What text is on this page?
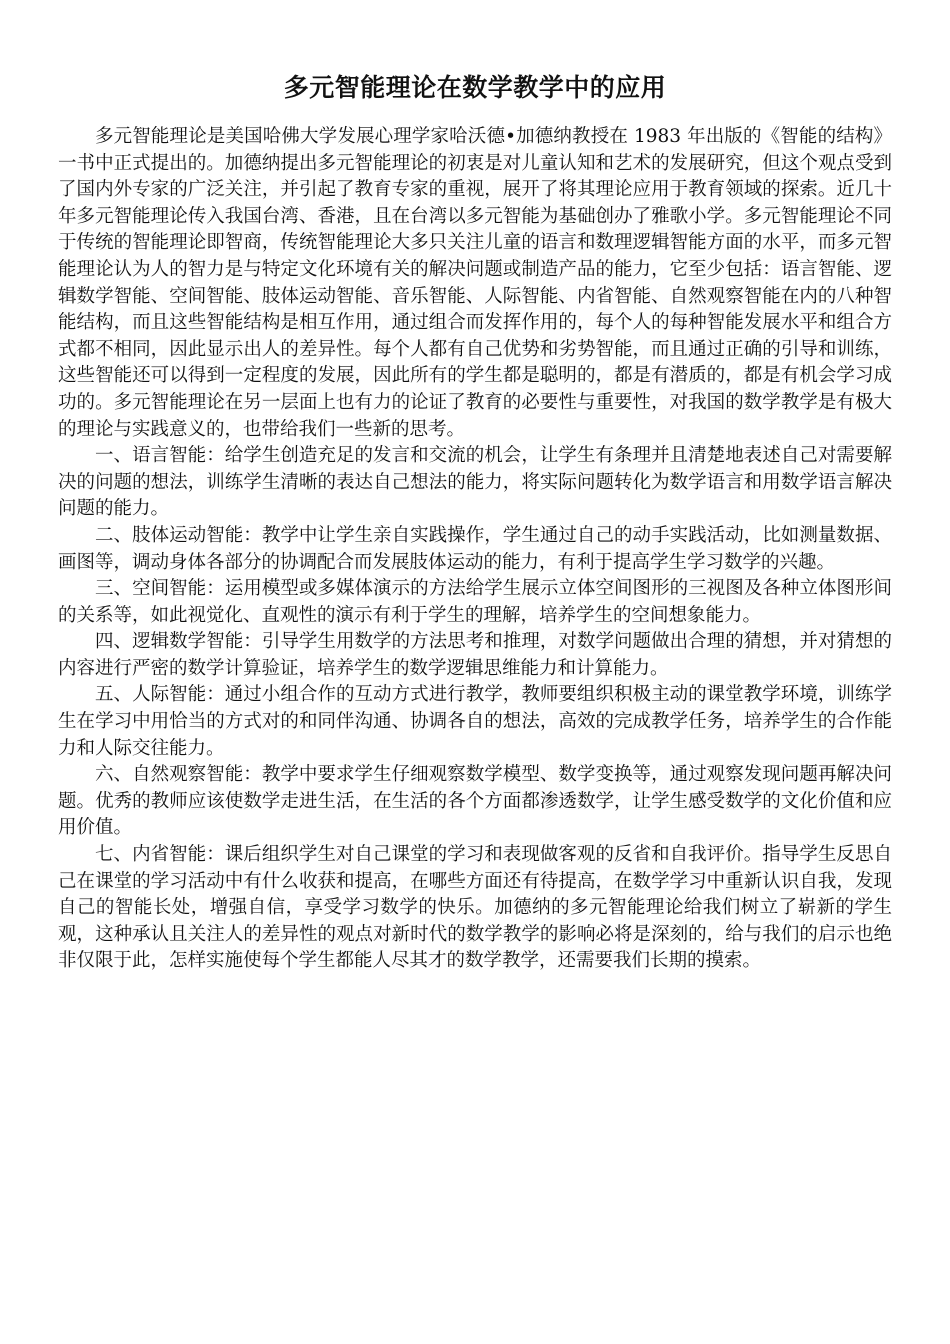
多元智能理论在数学教学中的应用

多元智能理论是美国哈佛大学发展心理学家哈沃德•加德纳教授在 1983 年出版的《智能的结构》一书中正式提出的。加德纳提出多元智能理论的初衷是对儿童认知和艺术的发展研究，但这个观点受到了国内外专家的广泛关注，并引起了教育专家的重视，展开了将其理论应用于教育领域的探索。近几十年多元智能理论传入我国台湾、香港，且在台湾以多元智能为基础创办了雅歌小学。多元智能理论不同于传统的智能理论即智商，传统智能理论大多只关注儿童的语言和数理逻辑智能方面的水平，而多元智能理论认为人的智力是与特定文化环境有关的解决问题或制造产品的能力，它至少包括：语言智能、逻辑数学智能、空间智能、肢体运动智能、音乐智能、人际智能、内省智能、自然观察智能在内的八种智能结构，而且这些智能结构是相互作用，通过组合而发挥作用的，每个人的每种智能发展水平和组合方式都不相同，因此显示出人的差异性。每个人都有自己优势和劣势智能，而且通过正确的引导和训练，这些智能还可以得到一定程度的发展，因此所有的学生都是聪明的，都是有潜质的，都是有机会学习成功的。多元智能理论在另一层面上也有力的论证了教育的必要性与重要性，对我国的数学教学是有极大的理论与实践意义的，也带给我们一些新的思考。

一、语言智能：给学生创造充足的发言和交流的机会，让学生有条理并且清楚地表述自己对需要解决的问题的想法，训练学生清晰的表达自己想法的能力，将实际问题转化为数学语言和用数学语言解决问题的能力。

二、肢体运动智能：教学中让学生亲自实践操作，学生通过自己的动手实践活动，比如测量数据、画图等，调动身体各部分的协调配合而发展肢体运动的能力，有利于提高学生学习数学的兴趣。

三、空间智能：运用模型或多媒体演示的方法给学生展示立体空间图形的三视图及各种立体图形间的关系等，如此视觉化、直观性的演示有利于学生的理解，培养学生的空间想象能力。

四、逻辑数学智能：引导学生用数学的方法思考和推理，对数学问题做出合理的猜想，并对猜想的内容进行严密的数学计算验证，培养学生的数学逻辑思维能力和计算能力。

五、人际智能：通过小组合作的互动方式进行教学，教师要组织积极主动的课堂教学环境，训练学生在学习中用恰当的方式对的和同伴沟通、协调各自的想法，高效的完成教学任务，培养学生的合作能力和人际交往能力。

六、自然观察智能：教学中要求学生仔细观察数学模型、数学变换等，通过观察发现问题再解决问题。优秀的教师应该使数学走进生活，在生活的各个方面都渗透数学，让学生感受数学的文化价值和应用价值。

七、内省智能：课后组织学生对自己课堂的学习和表现做客观的反省和自我评价。指导学生反思自己在课堂的学习活动中有什么收获和提高，在哪些方面还有待提高，在数学学习中重新认识自我，发现自己的智能长处，增强自信，享受学习数学的快乐。加德纳的多元智能理论给我们树立了崭新的学生观，这种承认且关注人的差异性的观点对新时代的数学教学的影响必将是深刻的，给与我们的启示也绝非仅限于此，怎样实施使每个学生都能人尽其才的数学教学，还需要我们长期的摸索。
